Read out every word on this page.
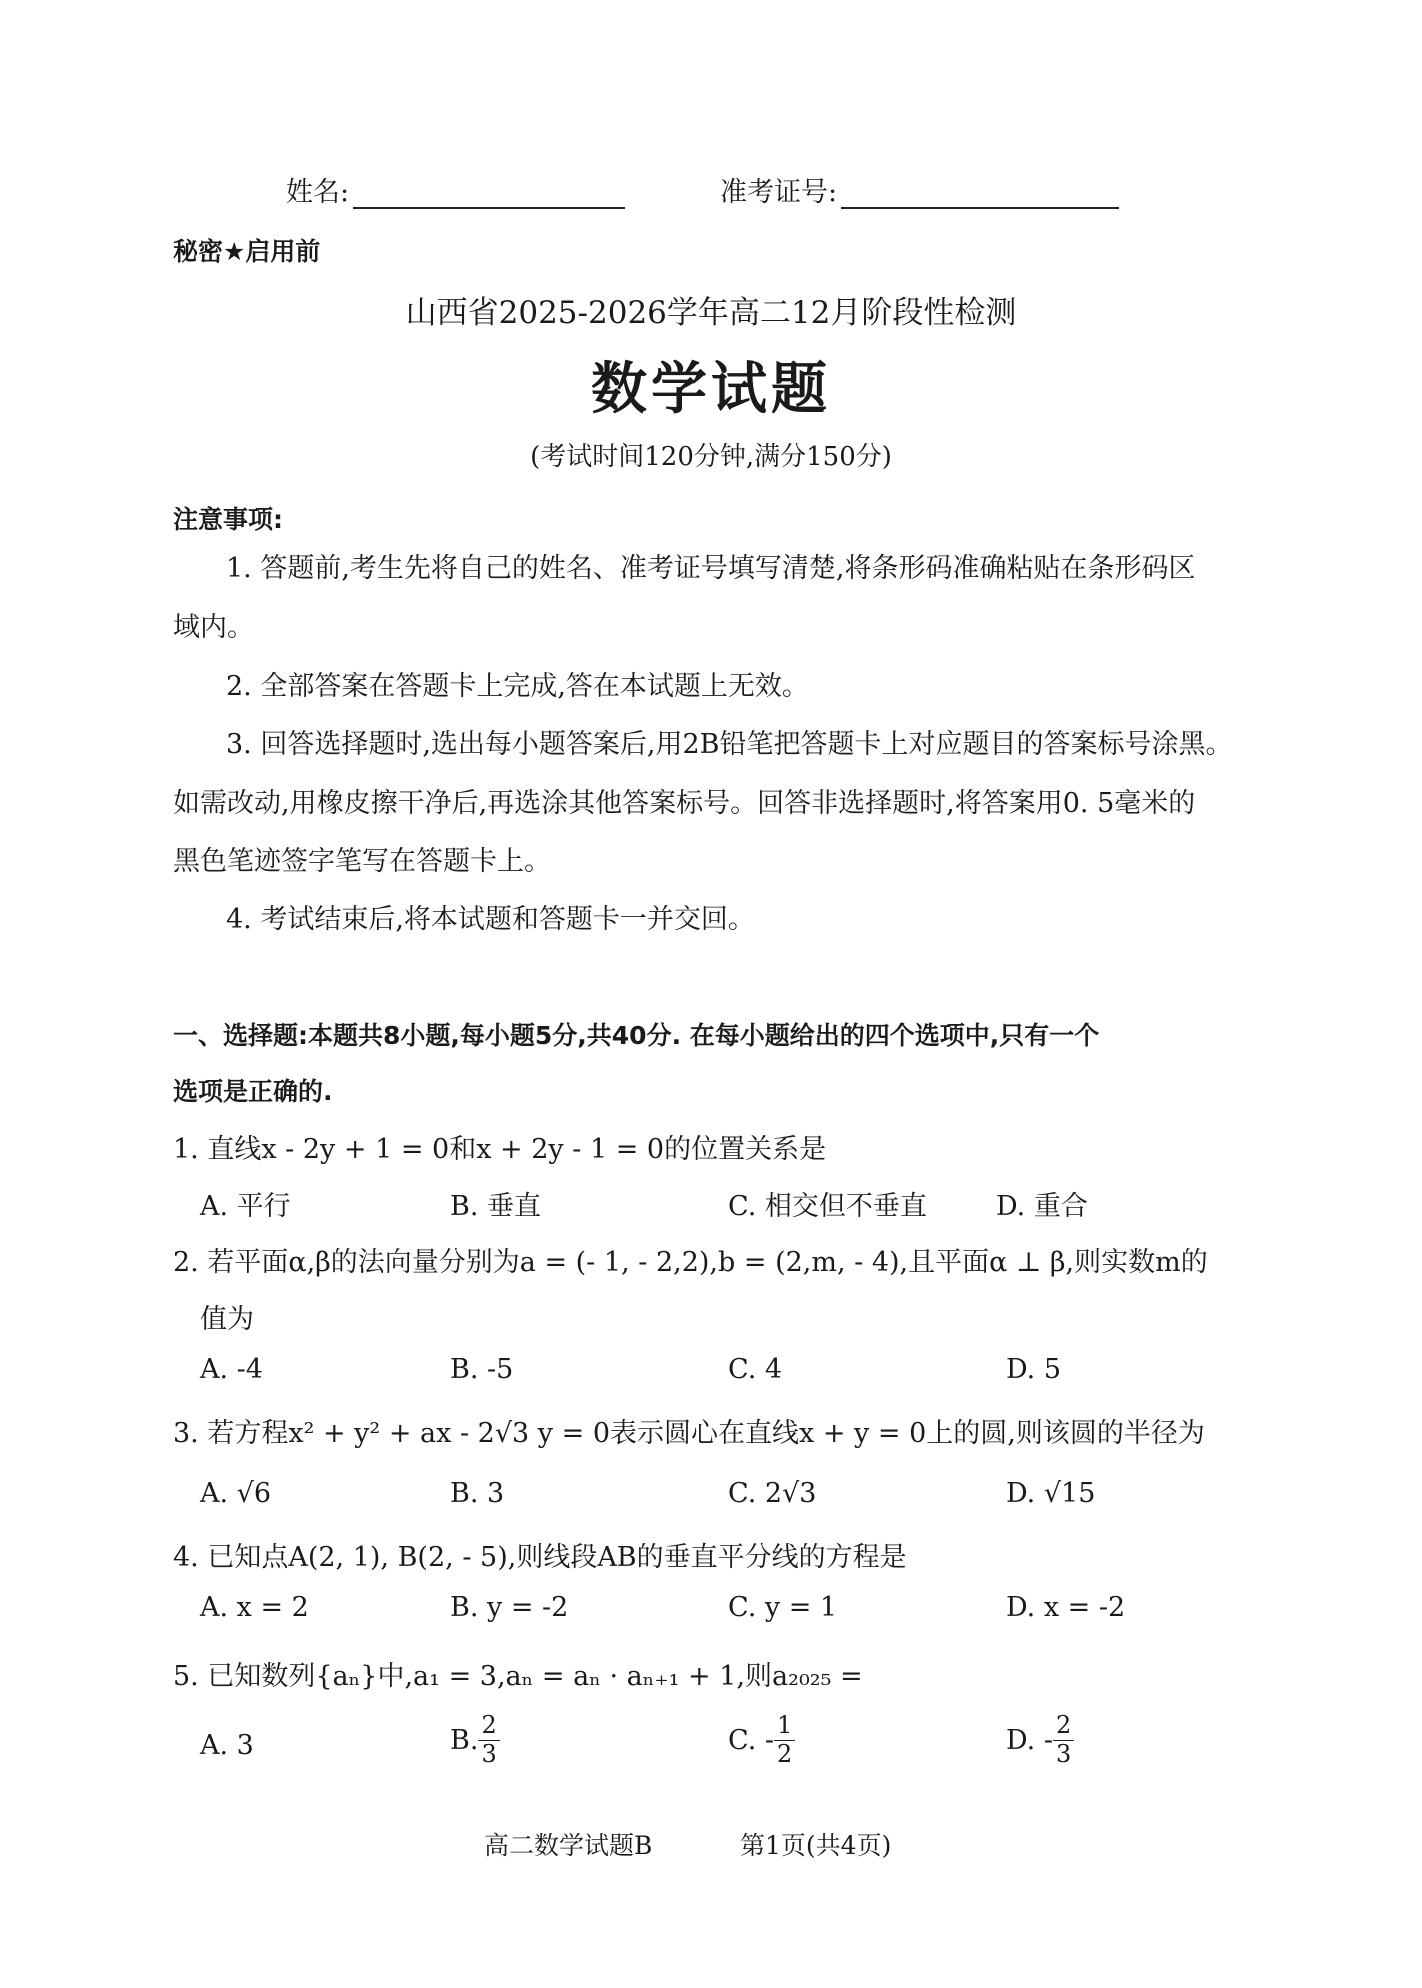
姓名:	准考证号:
秘密★启用前
山西省2025-2026学年高二12月阶段性检测
数学试题
(考试时间120分钟,满分150分)
注意事项:
1. 答题前,考生先将自己的姓名、准考证号填写清楚,将条形码准确粘贴在条形码区
域内。
2. 全部答案在答题卡上完成,答在本试题上无效。
3. 回答选择题时,选出每小题答案后,用2B铅笔把答题卡上对应题目的答案标号涂黑。
如需改动,用橡皮擦干净后,再选涂其他答案标号。回答非选择题时,将答案用0. 5毫米的
黑色笔迹签字笔写在答题卡上。
4. 考试结束后,将本试题和答题卡一并交回。
一、选择题:本题共8小题,每小题5分,共40分. 在每小题给出的四个选项中,只有一个
选项是正确的.
1. 直线x - 2y + 1 = 0和x + 2y - 1 = 0的位置关系是
A. 平行	B. 垂直	C. 相交但不垂直	D. 重合
2. 若平面α,β的法向量分别为a = (- 1, - 2,2),b = (2,m, - 4),且平面α ⊥ β,则实数m的
值为
A. -4	B. -5	C. 4	D. 5
3. 若方程x² + y² + ax - 2√3 y = 0表示圆心在直线x + y = 0上的圆,则该圆的半径为
A. √6	B. 3	C. 2√3	D. √15
4. 已知点A(2, 1), B(2, - 5),则线段AB的垂直平分线的方程是
A. x = 2	B. y = -2	C. y = 1	D. x = -2
5. 已知数列{aₙ}中,a₁ = 3,aₙ = aₙ · aₙ₊₁ + 1,则a₂₀₂₅ =
A. 3	B. $\frac{2}{3}$	C. - $\frac{1}{2}$	D. - $\frac{2}{3}$
高二数学试题B	第1页(共4页)
